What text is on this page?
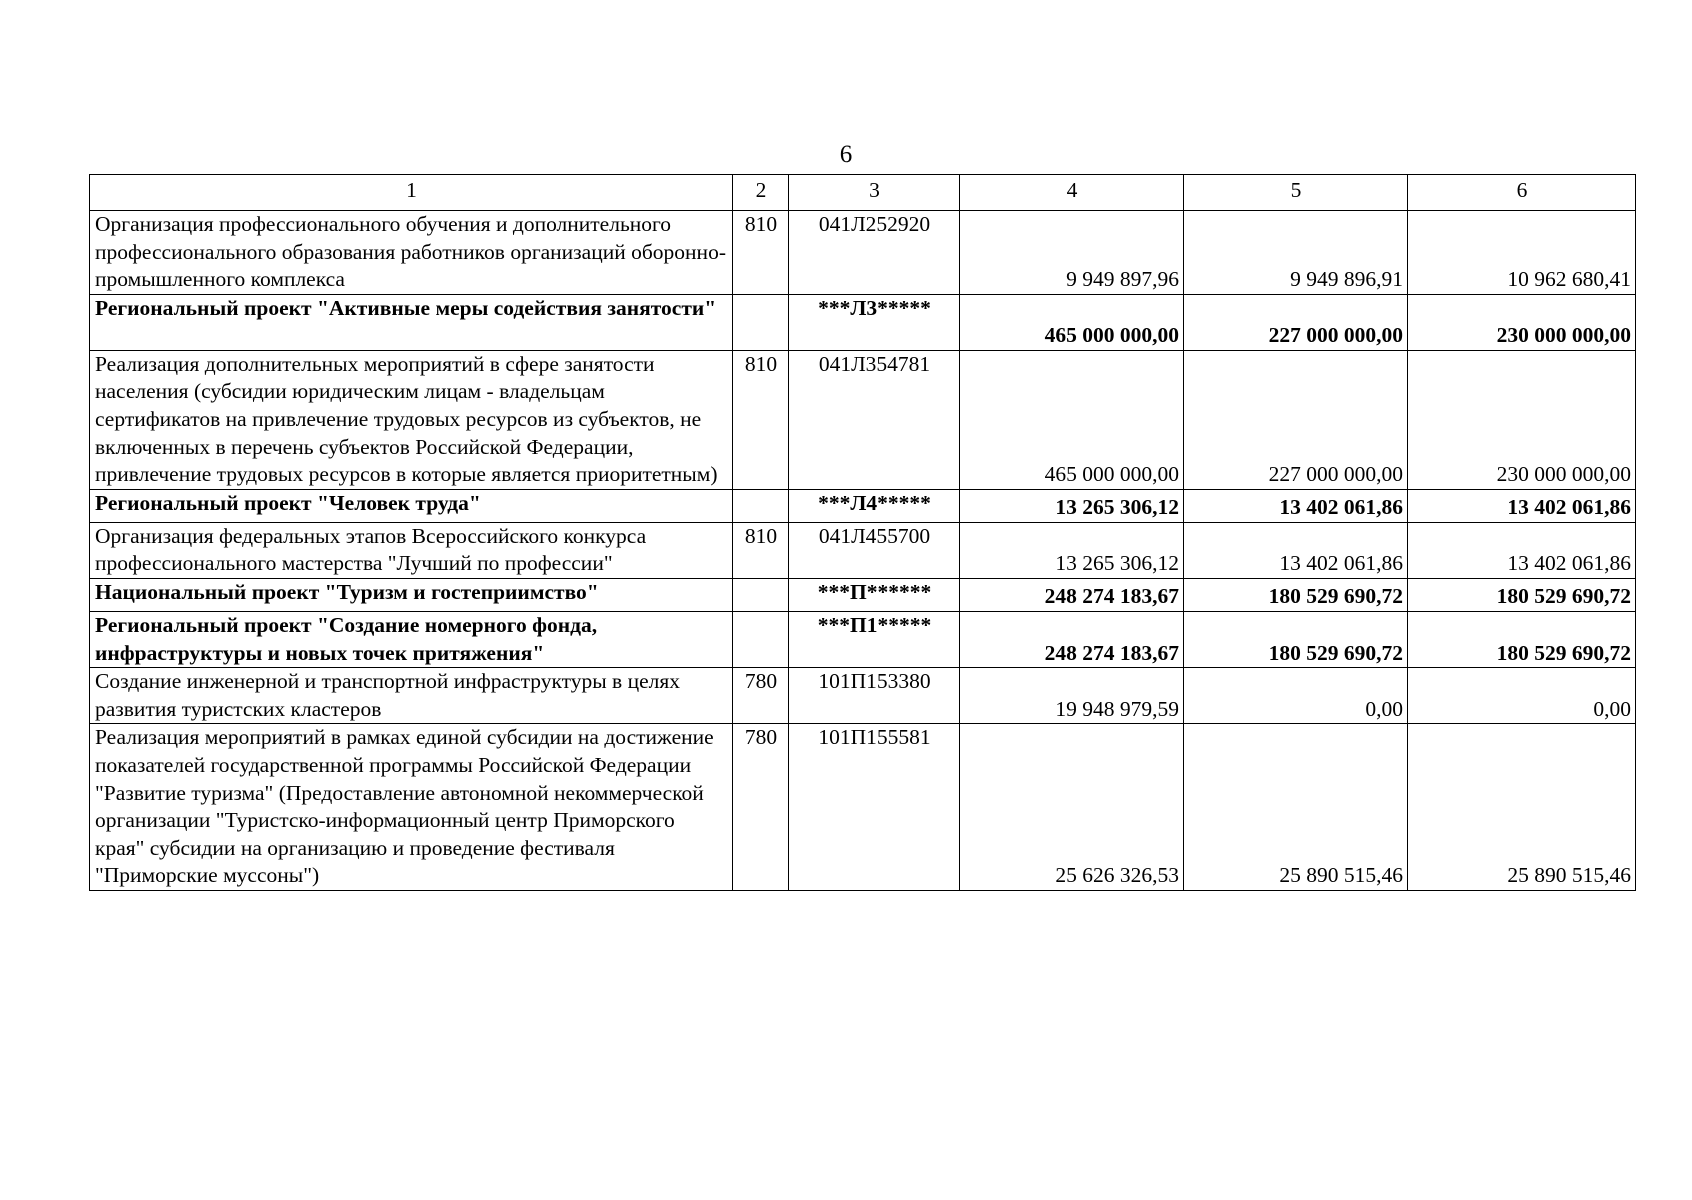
6
1	2	3	4	5	6
Организация профессионального обучения и дополнительного профессионального образования работников организаций оборонно-промышленного комплекса	810	041Л252920	9 949 897,96	9 949 896,91	10 962 680,41
Региональный проект "Активные меры содействия занятости"		***Л3*****	465 000 000,00	227 000 000,00	230 000 000,00
Реализация дополнительных мероприятий в сфере занятости населения (субсидии юридическим лицам - владельцам сертификатов на привлечение трудовых ресурсов из субъектов, не включенных в перечень субъектов Российской Федерации, привлечение трудовых ресурсов в которые является приоритетным)	810	041Л354781	465 000 000,00	227 000 000,00	230 000 000,00
Региональный проект "Человек труда"		***Л4*****	13 265 306,12	13 402 061,86	13 402 061,86
Организация федеральных этапов Всероссийского конкурса профессионального мастерства "Лучший по профессии"	810	041Л455700	13 265 306,12	13 402 061,86	13 402 061,86
Национальный проект "Туризм и гостеприимство"		***П******	248 274 183,67	180 529 690,72	180 529 690,72
Региональный проект "Создание номерного фонда, инфраструктуры и новых точек притяжения"		***П1*****	248 274 183,67	180 529 690,72	180 529 690,72
Создание инженерной и транспортной инфраструктуры в целях развития туристских кластеров	780	101П153380	19 948 979,59	0,00	0,00
Реализация мероприятий в рамках единой субсидии на достижение показателей государственной программы Российской Федерации "Развитие туризма" (Предоставление автономной некоммерческой организации "Туристско-информационный центр Приморского края" субсидии на организацию и проведение фестиваля "Приморские муссоны")	780	101П155581	25 626 326,53	25 890 515,46	25 890 515,46
